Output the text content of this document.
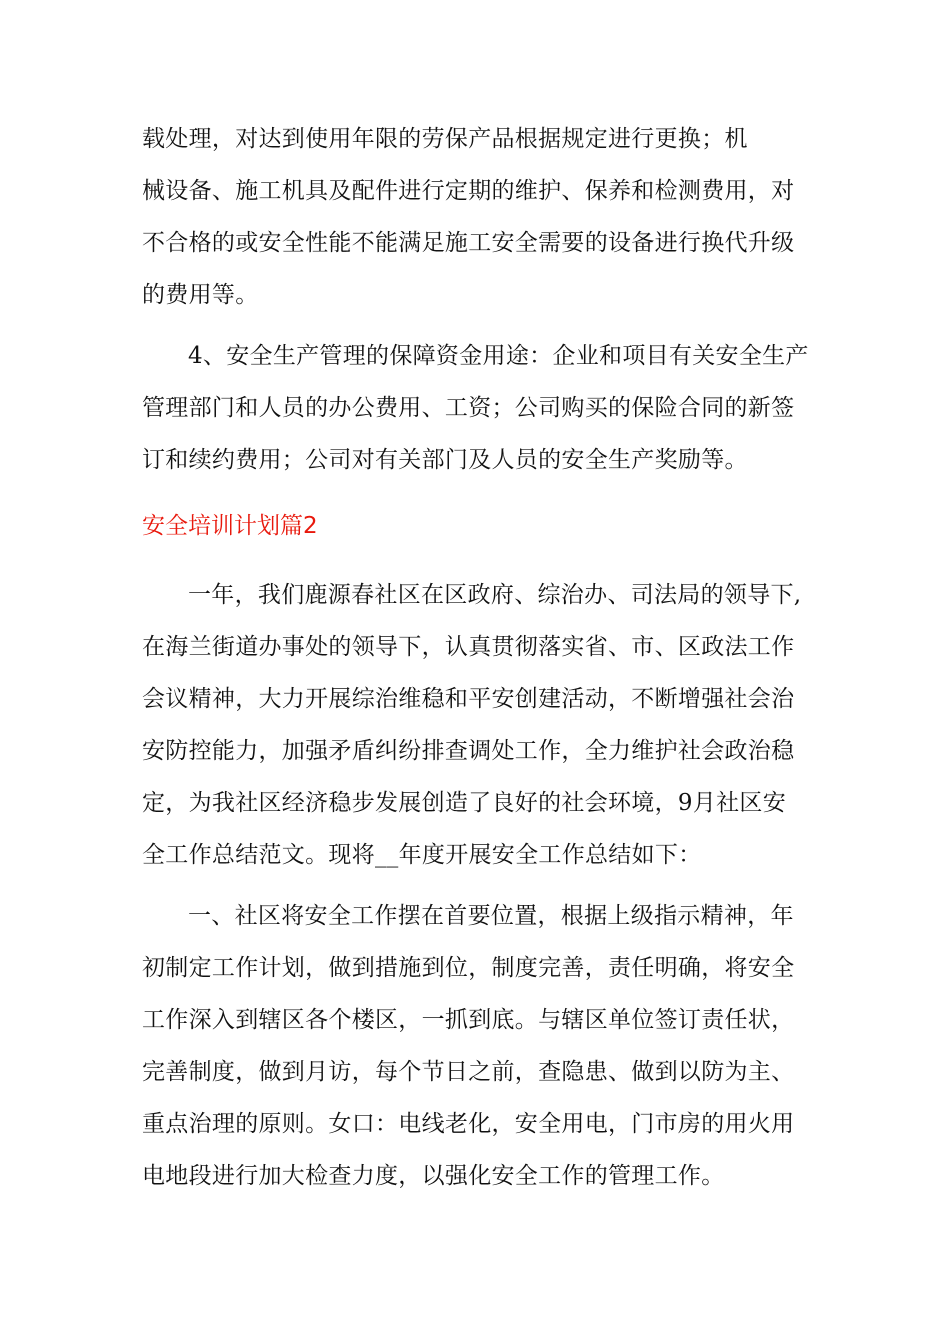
载处理，对达到使用年限的劳保产品根据规定进行更换；机
械设备、施工机具及配件进行定期的维护、保养和检测费用，对
不合格的或安全性能不能满足施工安全需要的设备进行换代升级
的费用等。

4、安全生产管理的保障资金用途：企业和项目有关安全生产
管理部门和人员的办公费用、工资；公司购买的保险合同的新签
订和续约费用；公司对有关部门及人员的安全生产奖励等。

安全培训计划篇2

一年，我们鹿源春社区在区政府、综治办、司法局的领导下,
在海兰街道办事处的领导下，认真贯彻落实省、市、区政法工作
会议精神，大力开展综治维稳和平安创建活动，不断增强社会治
安防控能力，加强矛盾纠纷排查调处工作，全力维护社会政治稳
定，为我社区经济稳步发展创造了良好的社会环境，9月社区安
全工作总结范文。现将__年度开展安全工作总结如下：

一、社区将安全工作摆在首要位置，根据上级指示精神，年
初制定工作计划，做到措施到位，制度完善，责任明确，将安全
工作深入到辖区各个楼区，一抓到底。与辖区单位签订责任状，
完善制度，做到月访，每个节日之前，查隐患、做到以防为主、
重点治理的原则。女口：电线老化，安全用电，门市房的用火用
电地段进行加大检查力度，以强化安全工作的管理工作。
